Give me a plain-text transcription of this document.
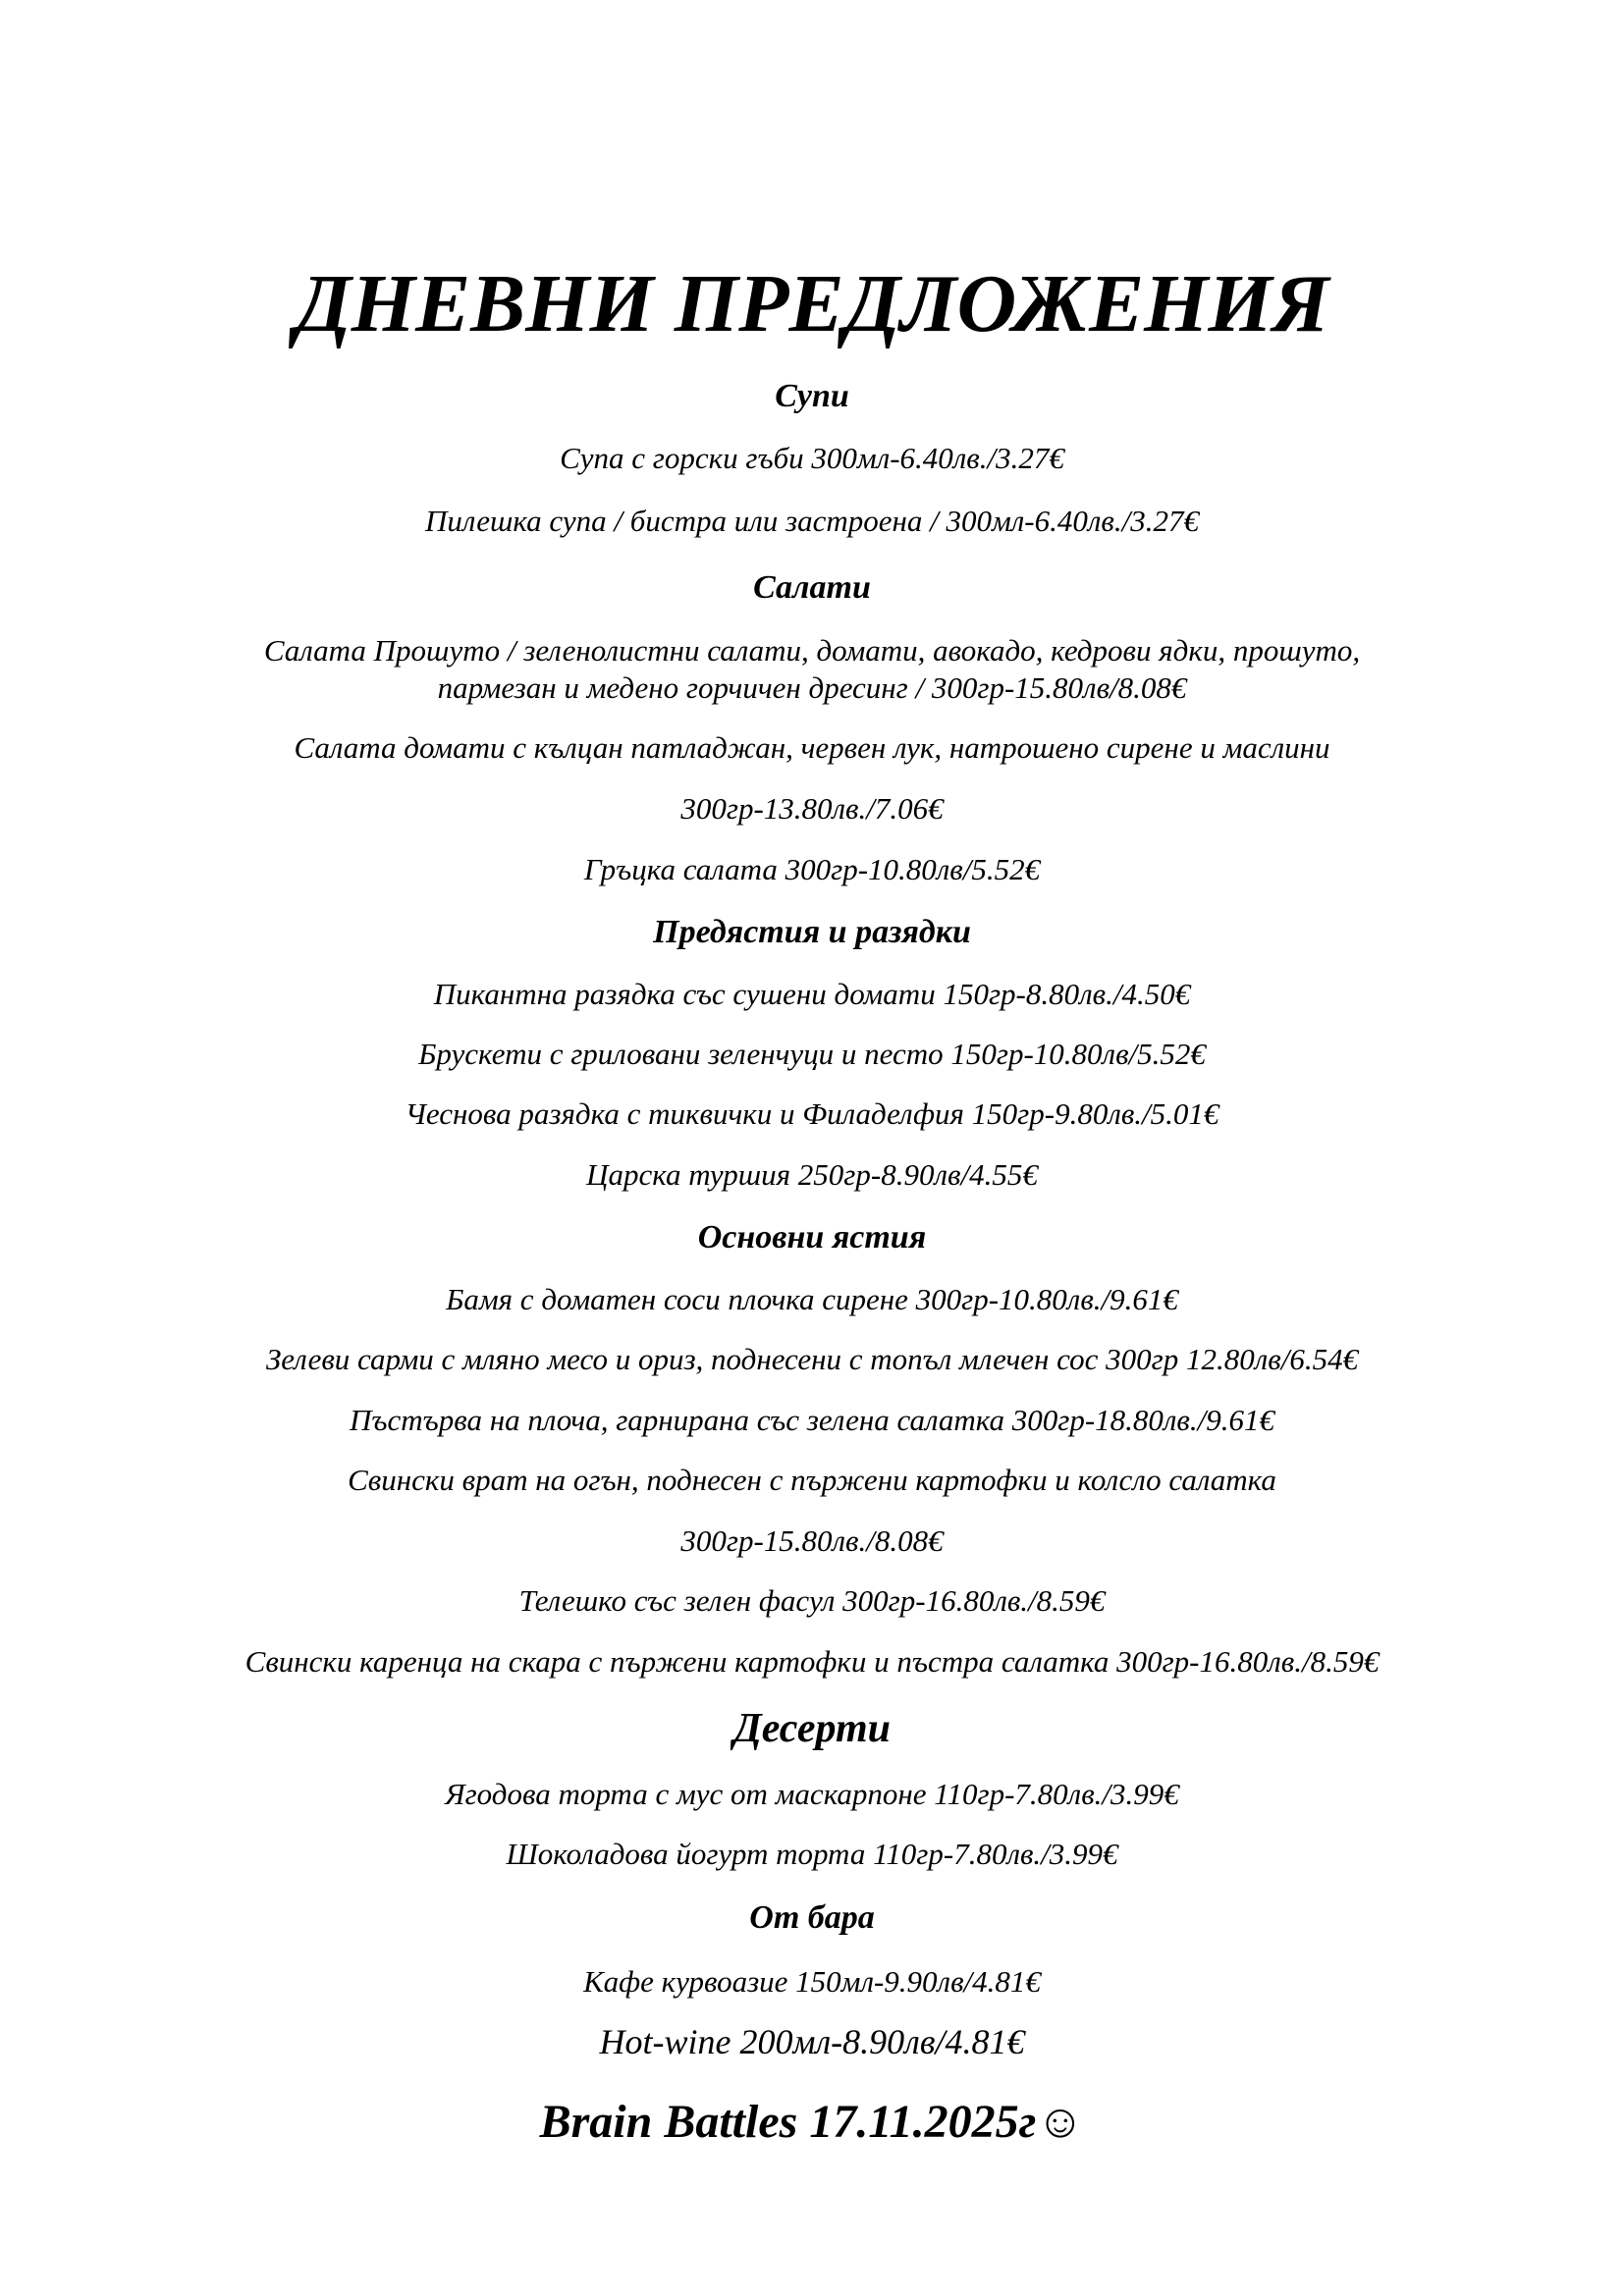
ДНЕВНИ ПРЕДЛОЖЕНИЯ
Супи

Супа с горски гъби 300мл-6.40лв./3.27€

Пилешка супа / бистра или застроена / 300мл-6.40лв./3.27€

Салати

Салата Прошуто / зеленолистни салати, домати, авокадо, кедрови ядки, прошуто,

пармезан и медено горчичен дресинг / 300гр-15.80лв/8.08€

Салата домати с кълцан патладжан, червен лук, натрошено сирене и маслини

300гр-13.80лв./7.06€

Гръцка салата 300гр-10.80лв/5.52€

Предястия и разядки

Пикантна разядка със сушени домати 150гр-8.80лв./4.50€

Брускети с гриловани зеленчуци и песто 150гр-10.80лв/5.52€

Чеснова разядка с тиквички и Филаделфия 150гр-9.80лв./5.01€

Царска туршия 250гр-8.90лв/4.55€

Основни ястия

Бамя с доматен соси плочка сирене 300гр-10.80лв./9.61€

Зелеви сарми с мляно месо и ориз, поднесени с топъл млечен сос 300гр 12.80лв/6.54€

Пъстърва на плоча, гарнирана със зелена салатка 300гр-18.80лв./9.61€

Свински врат на огън, поднесен с пържени картофки и колсло салатка

300гр-15.80лв./8.08€

Телешко със зелен фасул 300гр-16.80лв./8.59€

Свински каренца на скара с пържени картофки и пъстра салатка 300гр-16.80лв./8.59€

Десерти

Ягодова торта с мус от маскарпоне 110гр-7.80лв./3.99€

Шоколадова йогурт торта 110гр-7.80лв./3.99€

От бара

Кафе курвоазие 150мл-9.90лв/4.81€

Hot-wine 200мл-8.90лв/4.81€

Brain Battles 17.11.2025г☺
